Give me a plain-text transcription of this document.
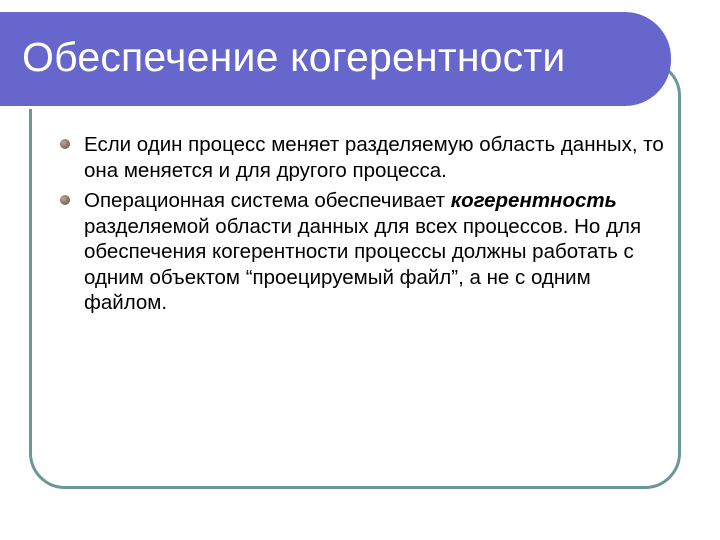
Обеспечение когерентности
Если один процесс меняет разделяемую область данных, то она меняется и для другого процесса.
Операционная система обеспечивает когерентность разделяемой области данных для всех процессов. Но для обеспечения когерентности процессы должны работать с одним объектом “проецируемый файл”, а не с одним файлом.
